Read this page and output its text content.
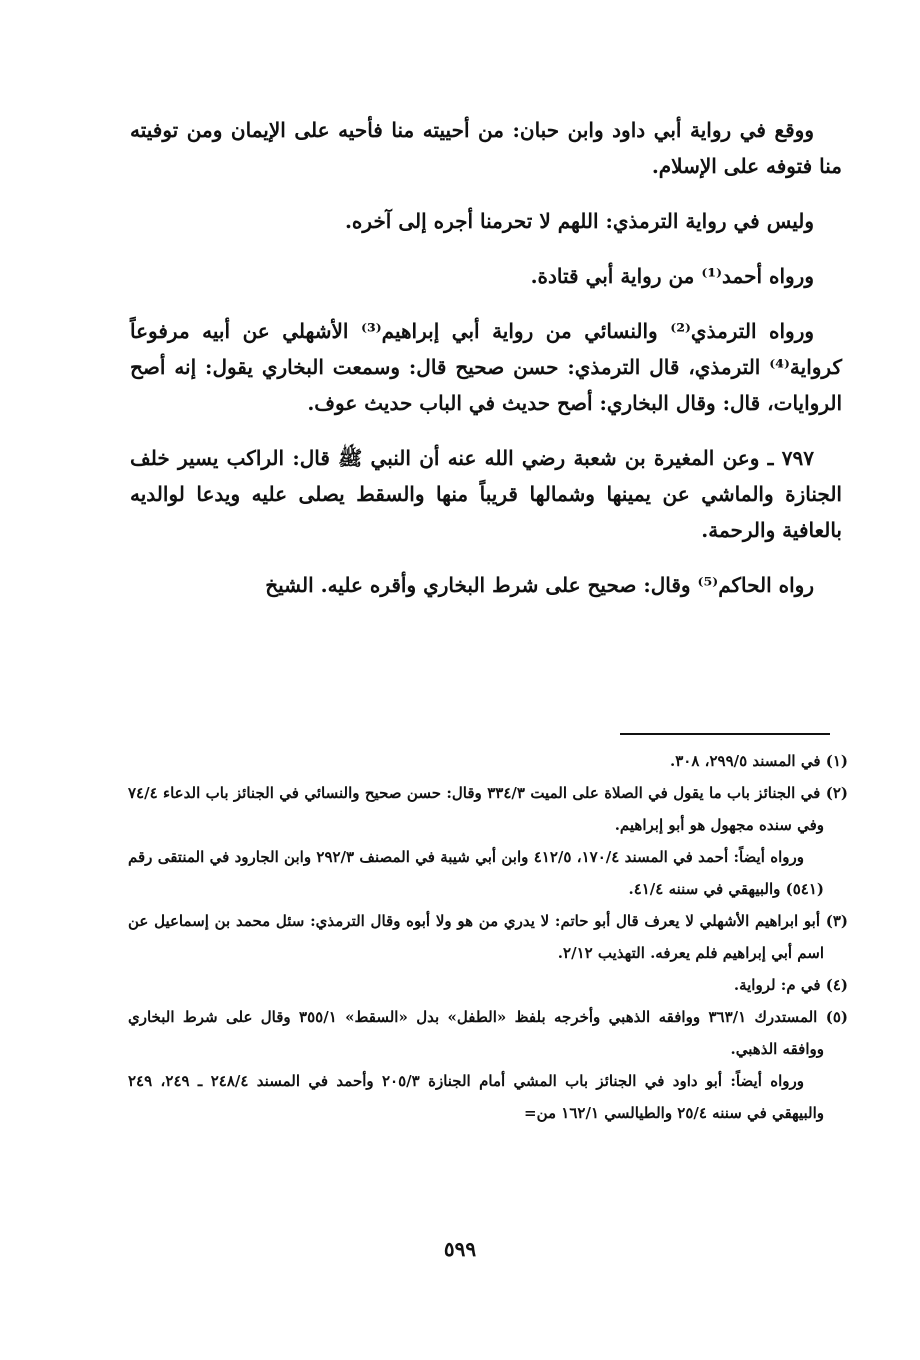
ووقع في رواية أبي داود وابن حبان: من أحييته منا فأحيه على الإيمان ومن توفيته منا فتوفه على الإسلام.

وليس في رواية الترمذي: اللهم لا تحرمنا أجره إلى آخره.

ورواه أحمد⁽¹⁾ من رواية أبي قتادة.

ورواه الترمذي⁽²⁾ والنسائي من رواية أبي إبراهيم⁽³⁾ الأشهلي عن أبيه مرفوعاً كرواية⁽⁴⁾ الترمذي، قال الترمذي: حسن صحيح قال: وسمعت البخاري يقول: إنه أصح الروايات، قال: وقال البخاري: أصح حديث في الباب حديث عوف.

٧٩٧ ـ وعن المغيرة بن شعبة رضي الله عنه أن النبي ﷺ قال: الراكب يسير خلف الجنازة والماشي عن يمينها وشمالها قريباً منها والسقط يصلى عليه ويدعا لوالديه بالعافية والرحمة.

رواه الحاكم⁽⁵⁾ وقال: صحيح على شرط البخاري وأقره عليه. الشيخ

(١) في المسند ٢٩٩/٥، ٣٠٨.

(٢) في الجنائز باب ما يقول في الصلاة على الميت ٣٣٤/٣ وقال: حسن صحيح والنسائي في الجنائز باب الدعاء ٧٤/٤ وفي سنده مجهول هو أبو إبراهيم.

ورواه أيضاً: أحمد في المسند ١٧٠/٤، ٤١٢/٥ وابن أبي شيبة في المصنف ٢٩٢/٣ وابن الجارود في المنتقى رقم (٥٤١) والبيهقي في سننه ٤١/٤.

(٣) أبو ابراهيم الأشهلي لا يعرف قال أبو حاتم: لا يدري من هو ولا أبوه وقال الترمذي: سئل محمد بن إسماعيل عن اسم أبي إبراهيم فلم يعرفه. التهذيب ٢/١٢.

(٤) في م: لرواية.

(٥) المستدرك ٣٦٣/١ ووافقه الذهبي وأخرجه بلفظ «الطفل» بدل «السقط» ٣٥٥/١ وقال على شرط البخاري ووافقه الذهبي.

ورواه أيضاً: أبو داود في الجنائز باب المشي أمام الجنازة ٢٠٥/٣ وأحمد في المسند ٢٤٨/٤ ـ ٢٤٩، ٢٤٩ والبيهقي في سننه ٢٥/٤ والطيالسي ١٦٢/١ من=

٥٩٩
